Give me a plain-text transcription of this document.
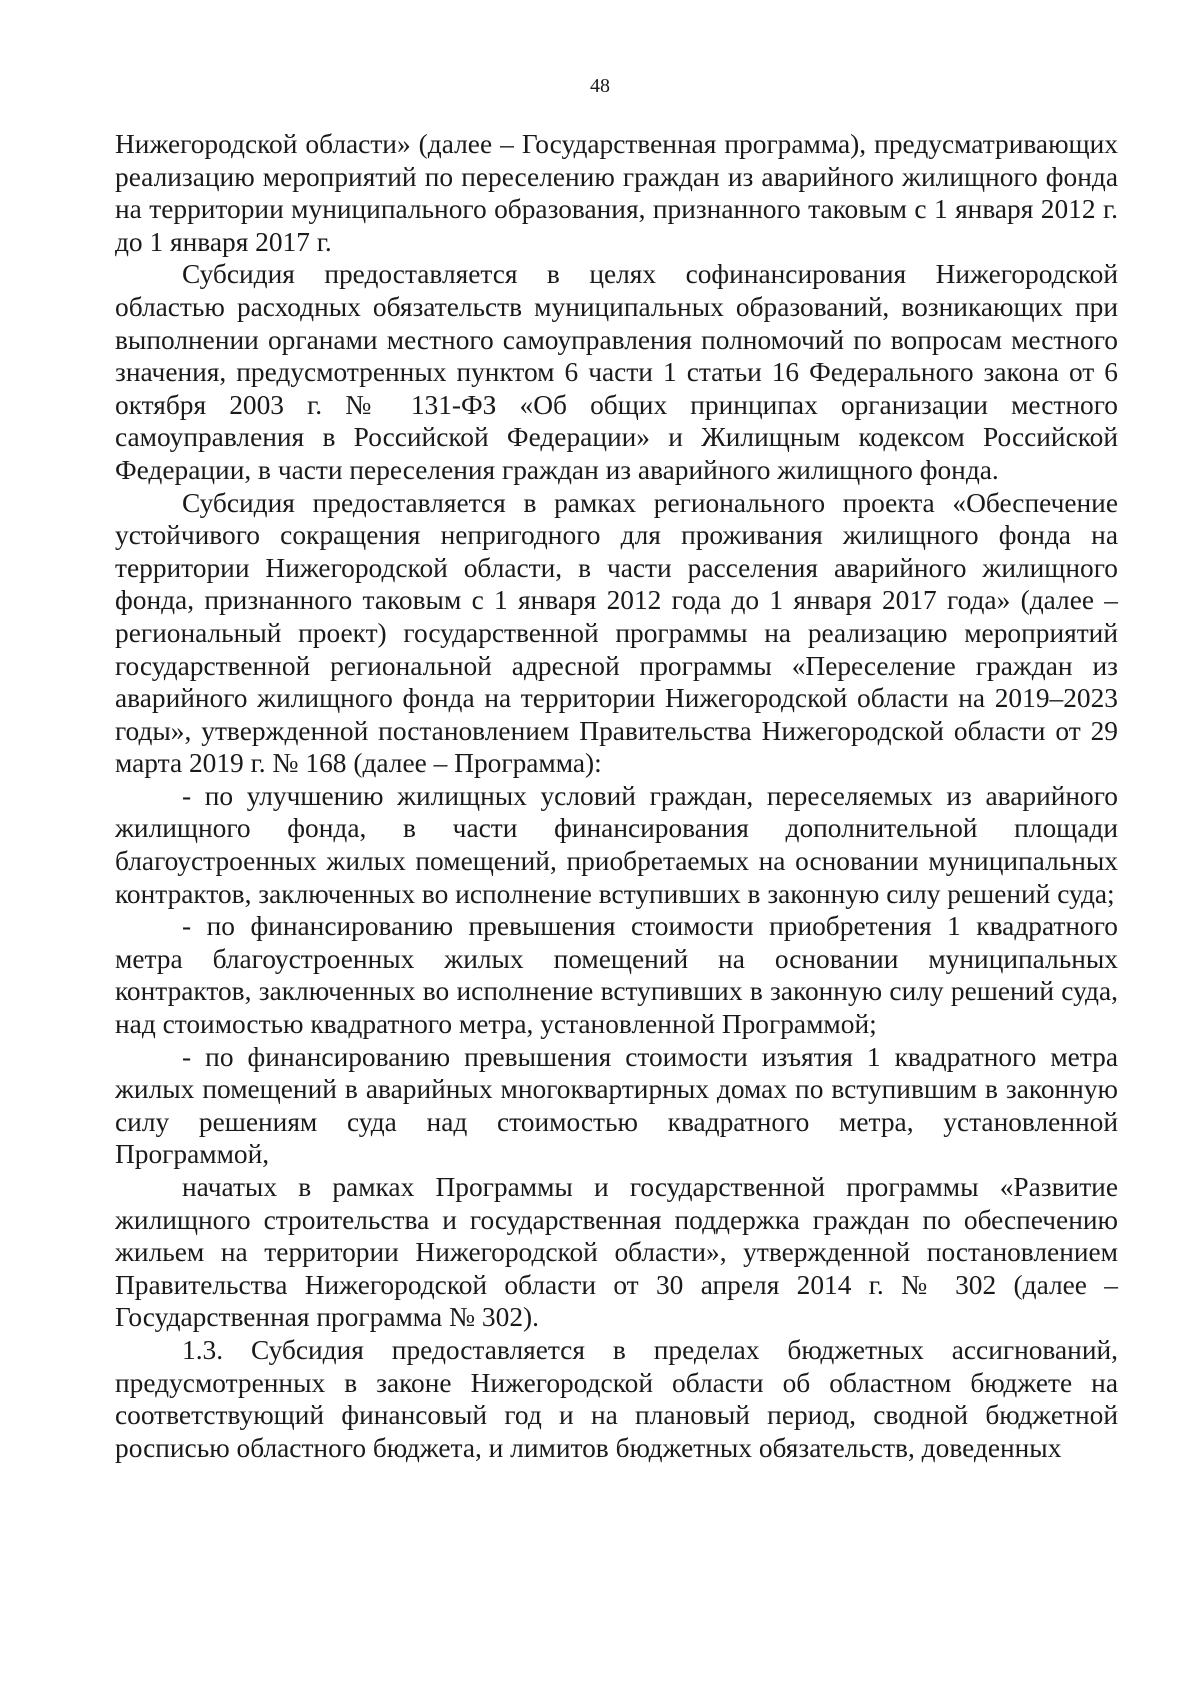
48

Нижегородской области» (далее – Государственная программа), предусматривающих реализацию мероприятий по переселению граждан из аварийного жилищного фонда на территории муниципального образования, признанного таковым с 1 января 2012 г. до 1 января 2017 г.

Субсидия предоставляется в целях софинансирования Нижегородской областью расходных обязательств муниципальных образований, возникающих при выполнении органами местного самоуправления полномочий по вопросам местного значения, предусмотренных пунктом 6 части 1 статьи 16 Федерального закона от 6 октября 2003 г. № 131-ФЗ «Об общих принципах организации местного самоуправления в Российской Федерации» и Жилищным кодексом Российской Федерации, в части переселения граждан из аварийного жилищного фонда.

Субсидия предоставляется в рамках регионального проекта «Обеспечение устойчивого сокращения непригодного для проживания жилищного фонда на территории Нижегородской области, в части расселения аварийного жилищного фонда, признанного таковым с 1 января 2012 года до 1 января 2017 года» (далее – региональный проект) государственной программы на реализацию мероприятий государственной региональной адресной программы «Переселение граждан из аварийного жилищного фонда на территории Нижегородской области на 2019–2023 годы», утвержденной постановлением Правительства Нижегородской области от 29 марта 2019 г. № 168 (далее – Программа):

- по улучшению жилищных условий граждан, переселяемых из аварийного жилищного фонда, в части финансирования дополнительной площади благоустроенных жилых помещений, приобретаемых на основании муниципальных контрактов, заключенных во исполнение вступивших в законную силу решений суда;

- по финансированию превышения стоимости приобретения 1 квадратного метра благоустроенных жилых помещений на основании муниципальных контрактов, заключенных во исполнение вступивших в законную силу решений суда, над стоимостью квадратного метра, установленной Программой;

- по финансированию превышения стоимости изъятия 1 квадратного метра жилых помещений в аварийных многоквартирных домах по вступившим в законную силу решениям суда над стоимостью квадратного метра, установленной Программой,

начатых в рамках Программы и государственной программы «Развитие жилищного строительства и государственная поддержка граждан по обеспечению жильем на территории Нижегородской области», утвержденной постановлением Правительства Нижегородской области от 30 апреля 2014 г. № 302 (далее – Государственная программа № 302).

1.3. Субсидия предоставляется в пределах бюджетных ассигнований, предусмотренных в законе Нижегородской области об областном бюджете на соответствующий финансовый год и на плановый период, сводной бюджетной росписью областного бюджета, и лимитов бюджетных обязательств, доведенных
